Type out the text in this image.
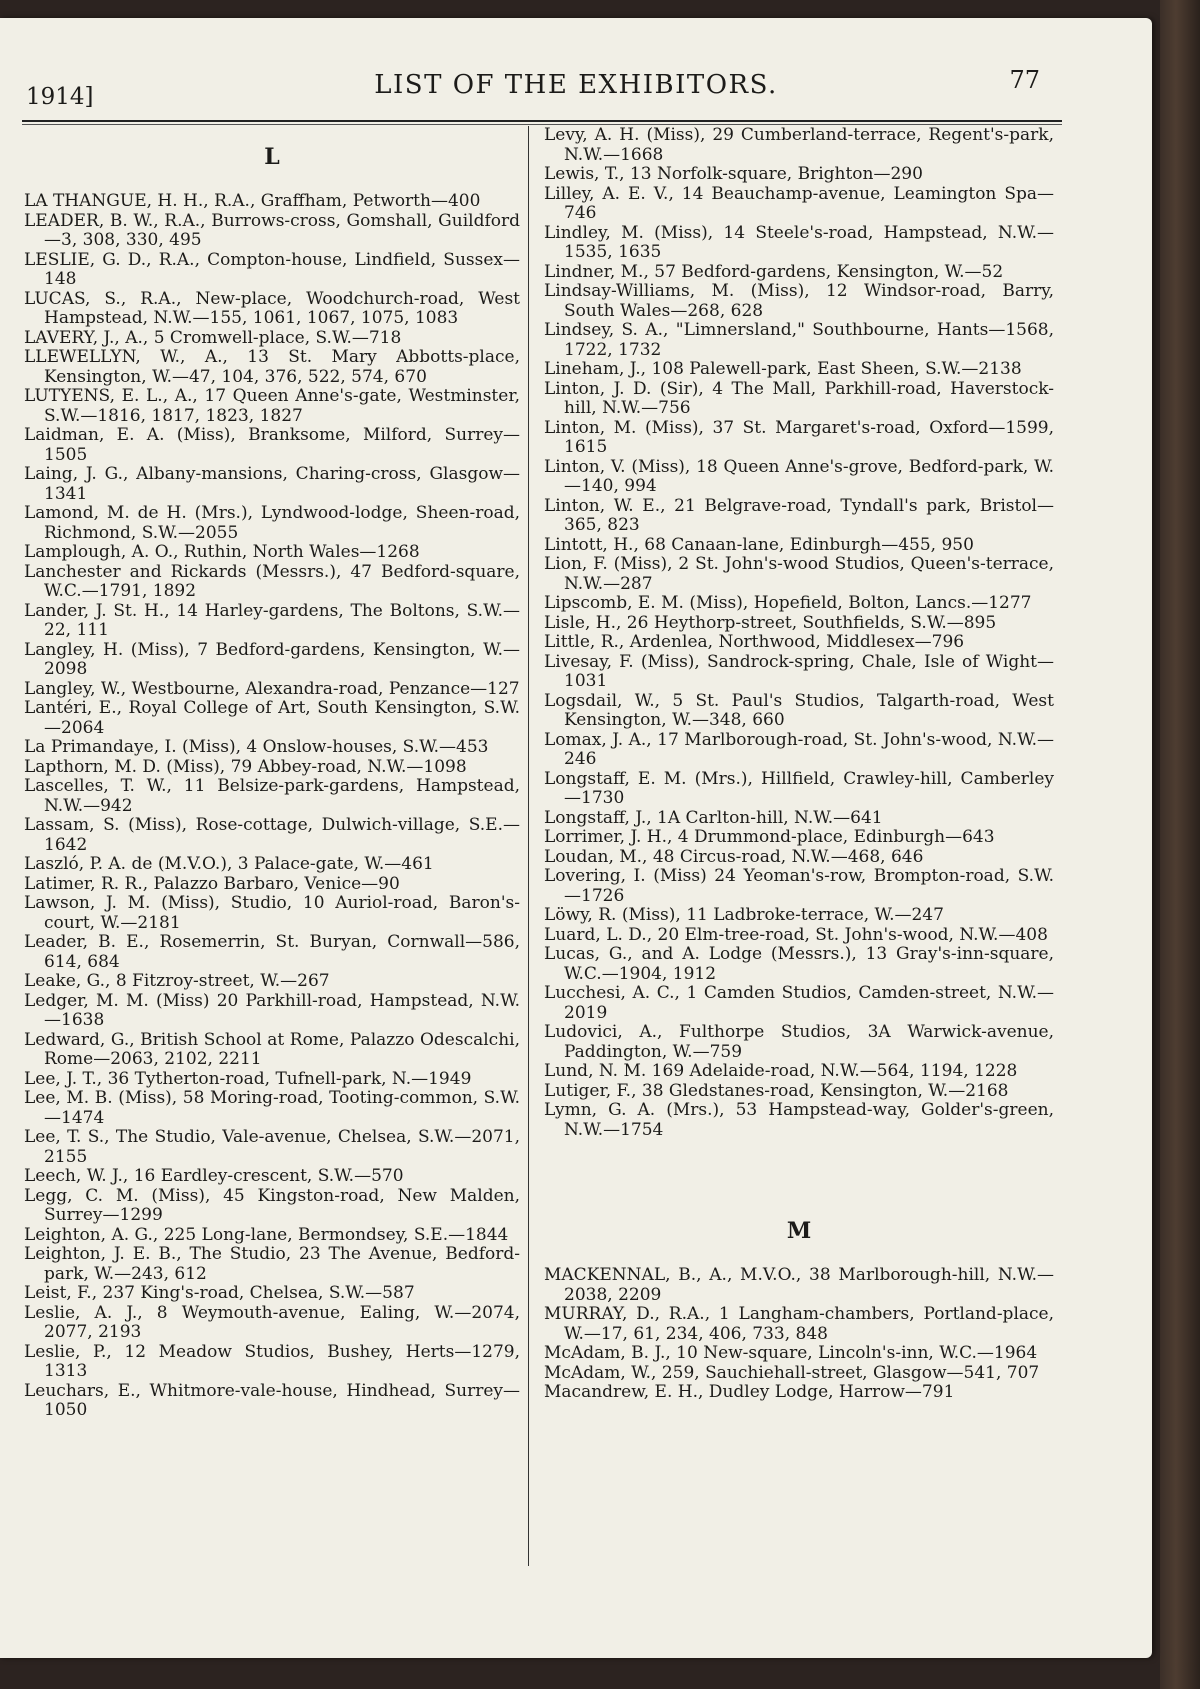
1914]	LIST OF THE EXHIBITORS.	77
L

LA THANGUE, H. H., R.A., Graffham, Petworth—400

LEADER, B. W., R.A., Burrows-cross, Gomshall, Guildford—3, 308, 330, 495

LESLIE, G. D., R.A., Compton-house, Lindfield, Sussex—148

LUCAS, S., R.A., New-place, Woodchurch-road, West Hampstead, N.W.—155, 1061, 1067, 1075, 1083

LAVERY, J., A., 5 Cromwell-place, S.W.—718

LLEWELLYN, W., A., 13 St. Mary Abbotts-place, Kensington, W.—47, 104, 376, 522, 574, 670

LUTYENS, E. L., A., 17 Queen Anne's-gate, Westminster, S.W.—1816, 1817, 1823, 1827

Laidman, E. A. (Miss), Branksome, Milford, Surrey—1505

Laing, J. G., Albany-mansions, Charing-cross, Glasgow—1341

Lamond, M. de H. (Mrs.), Lyndwood-lodge, Sheen-road, Richmond, S.W.—2055

Lamplough, A. O., Ruthin, North Wales—1268

Lanchester and Rickards (Messrs.), 47 Bedford-square, W.C.—1791, 1892

Lander, J. St. H., 14 Harley-gardens, The Boltons, S.W.—22, 111

Langley, H. (Miss), 7 Bedford-gardens, Kensington, W.—2098

Langley, W., Westbourne, Alexandra-road, Penzance—127

Lantéri, E., Royal College of Art, South Kensington, S.W.—2064

La Primandaye, I. (Miss), 4 Onslow-houses, S.W.—453

Lapthorn, M. D. (Miss), 79 Abbey-road, N.W.—1098

Lascelles, T. W., 11 Belsize-park-gardens, Hampstead, N.W.—942

Lassam, S. (Miss), Rose-cottage, Dulwich-village, S.E.—1642

Laszló, P. A. de (M.V.O.), 3 Palace-gate, W.—461

Latimer, R. R., Palazzo Barbaro, Venice—90

Lawson, J. M. (Miss), Studio, 10 Auriol-road, Baron's-court, W.—2181

Leader, B. E., Rosemerrin, St. Buryan, Cornwall—586, 614, 684

Leake, G., 8 Fitzroy-street, W.—267

Ledger, M. M. (Miss) 20 Parkhill-road, Hampstead, N.W.—1638

Ledward, G., British School at Rome, Palazzo Odescalchi, Rome—2063, 2102, 2211

Lee, J. T., 36 Tytherton-road, Tufnell-park, N.—1949

Lee, M. B. (Miss), 58 Moring-road, Tooting-common, S.W.—1474

Lee, T. S., The Studio, Vale-avenue, Chelsea, S.W.—2071, 2155

Leech, W. J., 16 Eardley-crescent, S.W.—570

Legg, C. M. (Miss), 45 Kingston-road, New Malden, Surrey—1299

Leighton, A. G., 225 Long-lane, Bermondsey, S.E.—1844

Leighton, J. E. B., The Studio, 23 The Avenue, Bedford-park, W.—243, 612

Leist, F., 237 King's-road, Chelsea, S.W.—587

Leslie, A. J., 8 Weymouth-avenue, Ealing, W.—2074, 2077, 2193

Leslie, P., 12 Meadow Studios, Bushey, Herts—1279, 1313

Leuchars, E., Whitmore-vale-house, Hindhead, Surrey—1050

Levy, A. H. (Miss), 29 Cumberland-terrace, Regent's-park, N.W.—1668

Lewis, T., 13 Norfolk-square, Brighton—290

Lilley, A. E. V., 14 Beauchamp-avenue, Leamington Spa—746

Lindley, M. (Miss), 14 Steele's-road, Hampstead, N.W.—1535, 1635

Lindner, M., 57 Bedford-gardens, Kensington, W.—52

Lindsay-Williams, M. (Miss), 12 Windsor-road, Barry, South Wales—268, 628

Lindsey, S. A., "Limnersland," Southbourne, Hants—1568, 1722, 1732

Lineham, J., 108 Palewell-park, East Sheen, S.W.—2138

Linton, J. D. (Sir), 4 The Mall, Parkhill-road, Haverstock-hill, N.W.—756

Linton, M. (Miss), 37 St. Margaret's-road, Oxford—1599, 1615

Linton, V. (Miss), 18 Queen Anne's-grove, Bedford-park, W.—140, 994

Linton, W. E., 21 Belgrave-road, Tyndall's park, Bristol—365, 823

Lintott, H., 68 Canaan-lane, Edinburgh—455, 950

Lion, F. (Miss), 2 St. John's-wood Studios, Queen's-terrace, N.W.—287

Lipscomb, E. M. (Miss), Hopefield, Bolton, Lancs.—1277

Lisle, H., 26 Heythorp-street, Southfields, S.W.—895

Little, R., Ardenlea, Northwood, Middlesex—796

Livesay, F. (Miss), Sandrock-spring, Chale, Isle of Wight—1031

Logsdail, W., 5 St. Paul's Studios, Talgarth-road, West Kensington, W.—348, 660

Lomax, J. A., 17 Marlborough-road, St. John's-wood, N.W.—246

Longstaff, E. M. (Mrs.), Hillfield, Crawley-hill, Camberley—1730

Longstaff, J., 1A Carlton-hill, N.W.—641

Lorrimer, J. H., 4 Drummond-place, Edinburgh—643

Loudan, M., 48 Circus-road, N.W.—468, 646

Lovering, I. (Miss) 24 Yeoman's-row, Brompton-road, S.W.—1726

Löwy, R. (Miss), 11 Ladbroke-terrace, W.—247

Luard, L. D., 20 Elm-tree-road, St. John's-wood, N.W.—408

Lucas, G., and A. Lodge (Messrs.), 13 Gray's-inn-square, W.C.—1904, 1912

Lucchesi, A. C., 1 Camden Studios, Camden-street, N.W.—2019

Ludovici, A., Fulthorpe Studios, 3A Warwick-avenue, Paddington, W.—759

Lund, N. M. 169 Adelaide-road, N.W.—564, 1194, 1228

Lutiger, F., 38 Gledstanes-road, Kensington, W.—2168

Lymn, G. A. (Mrs.), 53 Hampstead-way, Golder's-green, N.W.—1754

M

MACKENNAL, B., A., M.V.O., 38 Marlborough-hill, N.W.—2038, 2209

MURRAY, D., R.A., 1 Langham-chambers, Portland-place, W.—17, 61, 234, 406, 733, 848

McAdam, B. J., 10 New-square, Lincoln's-inn, W.C.—1964

McAdam, W., 259, Sauchiehall-street, Glasgow—541, 707

Macandrew, E. H., Dudley Lodge, Harrow—791
